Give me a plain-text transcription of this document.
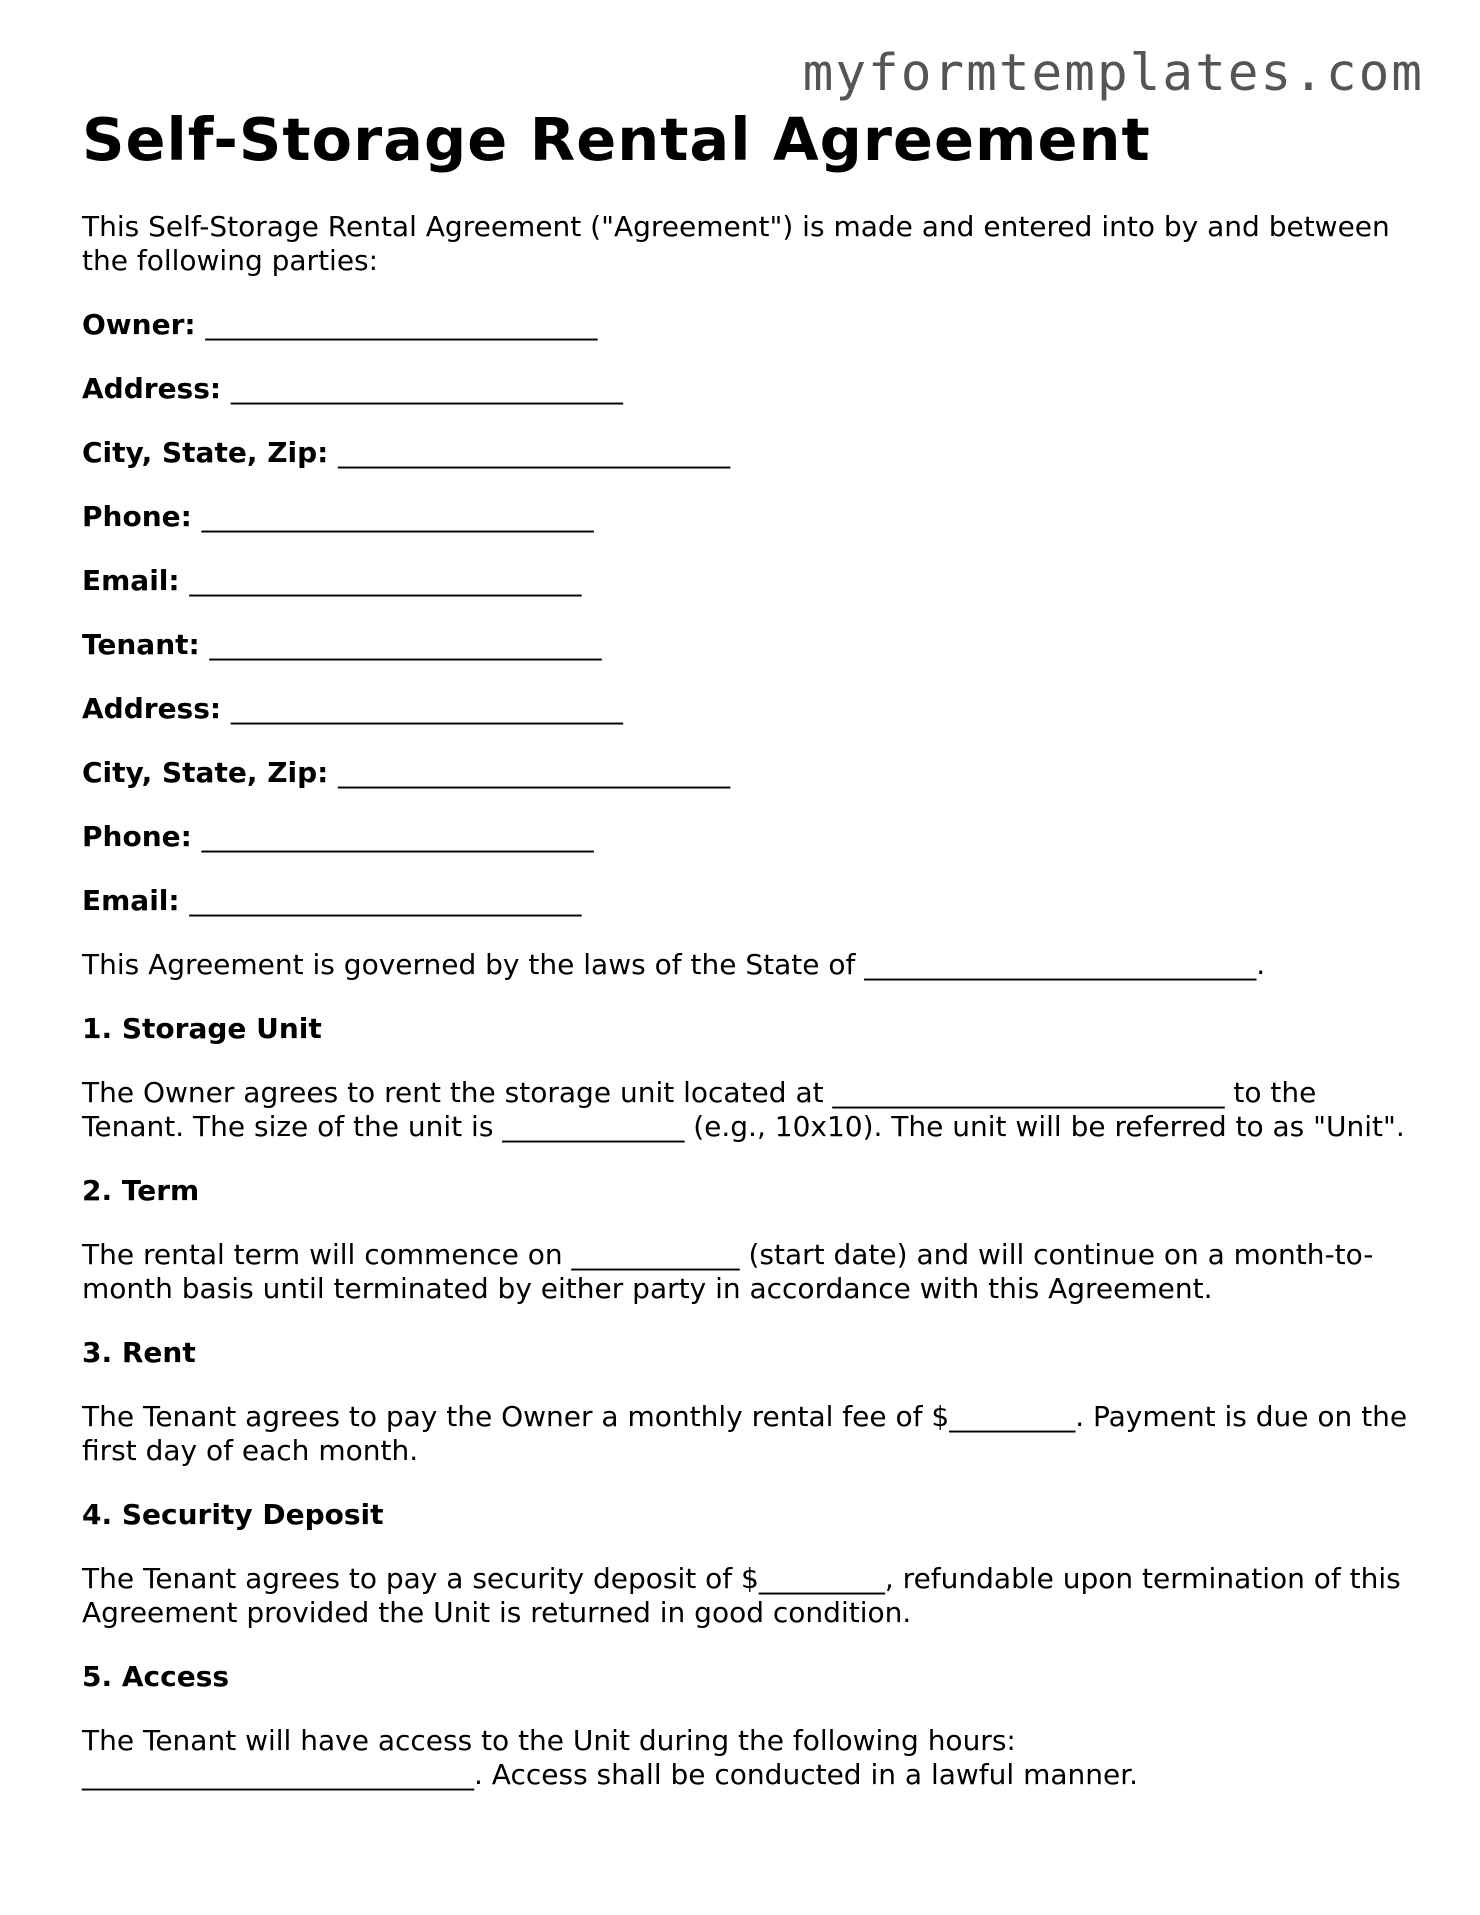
myformtemplates.com
Self-Storage Rental Agreement

This Self-Storage Rental Agreement ("Agreement") is made and entered into by and between the following parties:

Owner: ____________________________
Address: ____________________________
City, State, Zip: ____________________________
Phone: ____________________________
Email: ____________________________
Tenant: ____________________________
Address: ____________________________
City, State, Zip: ____________________________
Phone: ____________________________
Email: ____________________________

This Agreement is governed by the laws of the State of ____________________________.

1. Storage Unit

The Owner agrees to rent the storage unit located at ____________________________ to the Tenant. The size of the unit is _____________ (e.g., 10x10). The unit will be referred to as "Unit".

2. Term

The rental term will commence on ____________ (start date) and will continue on a month-to-month basis until terminated by either party in accordance with this Agreement.

3. Rent

The Tenant agrees to pay the Owner a monthly rental fee of $_________. Payment is due on the first day of each month.

4. Security Deposit

The Tenant agrees to pay a security deposit of $_________, refundable upon termination of this Agreement provided the Unit is returned in good condition.

5. Access

The Tenant will have access to the Unit during the following hours: ____________________________. Access shall be conducted in a lawful manner.
